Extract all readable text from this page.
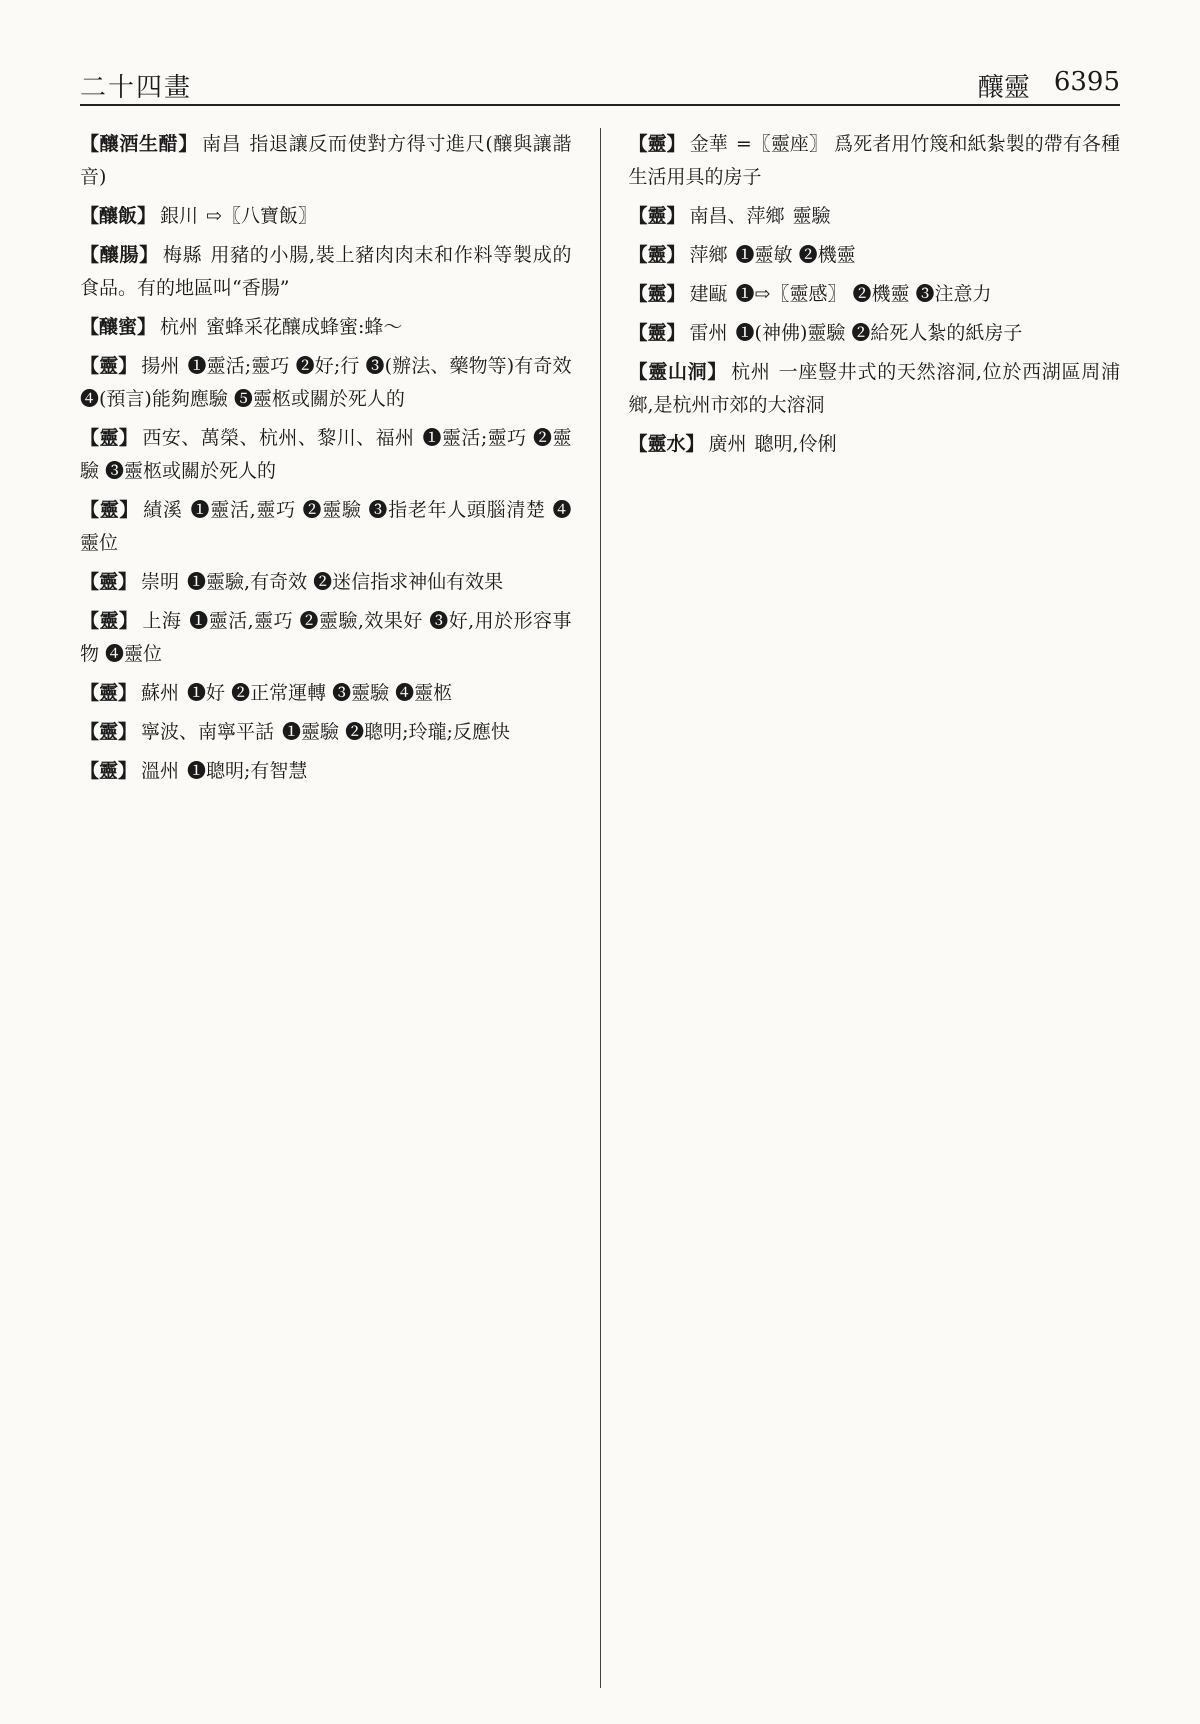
二十四畫	釀靈 6395

【釀酒生醋】 南昌 指退讓反而使對方得寸進尺(釀與讓諧音)

【釀飯】 銀川 ⇨〖八寶飯〗

【釀腸】 梅縣 用豬的小腸,裝上豬肉肉末和作料等製成的食品。有的地區叫“香腸”

【釀蜜】 杭州 蜜蜂采花釀成蜂蜜:蜂～

【靈】 揚州 ❶靈活;靈巧 ❷好;行 ❸(辦法、藥物等)有奇效 ❹(預言)能夠應驗 ❺靈柩或關於死人的

【靈】 西安、萬榮、杭州、黎川、福州 ❶靈活;靈巧 ❷靈驗 ❸靈柩或關於死人的

【靈】 績溪 ❶靈活,靈巧 ❷靈驗 ❸指老年人頭腦清楚 ❹靈位

【靈】 崇明 ❶靈驗,有奇效 ❷迷信指求神仙有效果

【靈】 上海 ❶靈活,靈巧 ❷靈驗,效果好 ❸好,用於形容事物 ❹靈位

【靈】 蘇州 ❶好 ❷正常運轉 ❸靈驗 ❹靈柩

【靈】 寧波、南寧平話 ❶靈驗 ❷聰明;玲瓏;反應快

【靈】 溫州 ❶聰明;有智慧

【靈】 金華 =〖靈座〗 爲死者用竹篾和紙紮製的帶有各種生活用具的房子

【靈】 南昌、萍鄉 靈驗

【靈】 萍鄉 ❶靈敏 ❷機靈

【靈】 建甌 ❶⇨〖靈感〗 ❷機靈 ❸注意力

【靈】 雷州 ❶(神佛)靈驗 ❷給死人紮的紙房子

【靈山洞】 杭州 一座豎井式的天然溶洞,位於西湖區周浦鄉,是杭州市郊的大溶洞

【靈水】 廣州 聰明,伶俐
